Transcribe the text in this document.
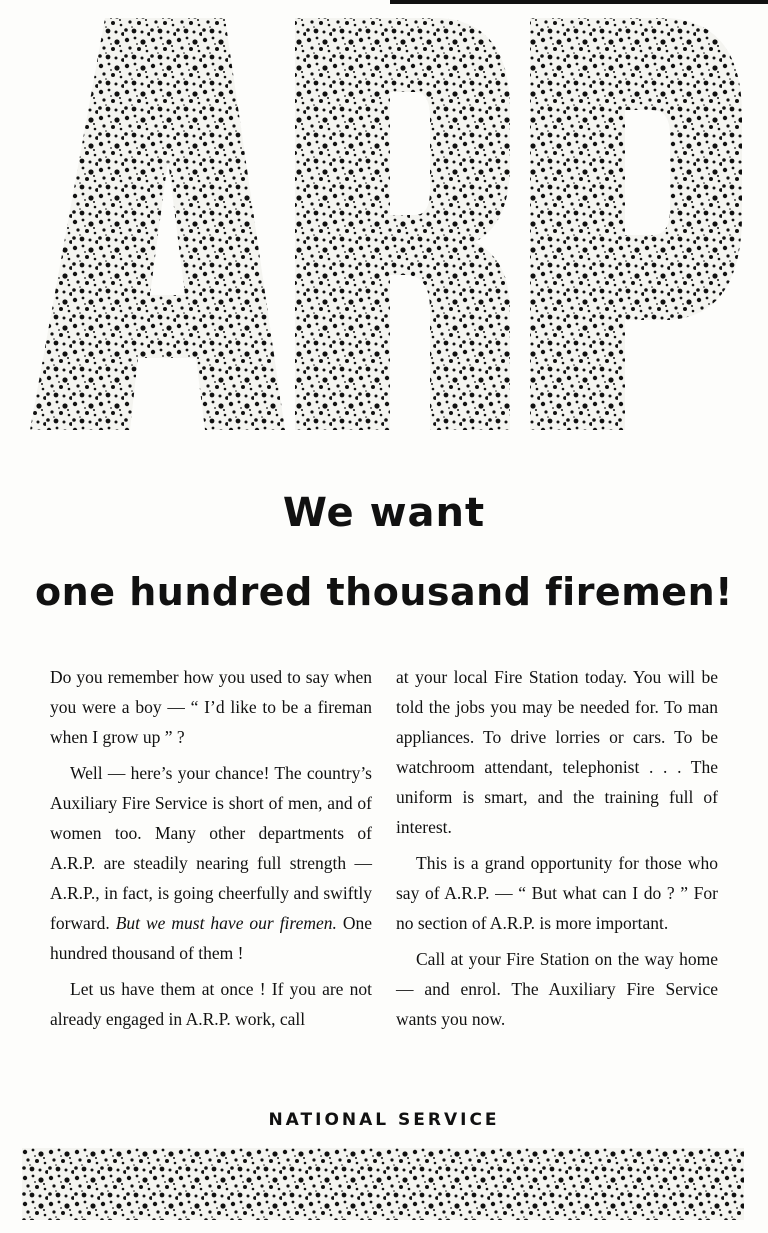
We want
one hundred thousand firemen!

Do you remember how you used to say when you were a boy — “ I’d like to be a fireman when I grow up ” ?

Well — here’s your chance! The country’s Auxiliary Fire Service is short of men, and of women too. Many other departments of A.R.P. are steadily nearing full strength — A.R.P., in fact, is going cheerfully and swiftly forward. But we must have our firemen. One hundred thousand of them !

Let us have them at once ! If you are not already engaged in A.R.P. work, call

at your local Fire Station today. You will be told the jobs you may be needed for. To man appliances. To drive lorries or cars. To be watchroom attendant, telephonist . . . The uniform is smart, and the training full of interest.

This is a grand opportunity for those who say of A.R.P. — “ But what can I do ? ” For no section of A.R.P. is more important.

Call at your Fire Station on the way home — and enrol. The Auxiliary Fire Service wants you now.

NATIONAL SERVICE
